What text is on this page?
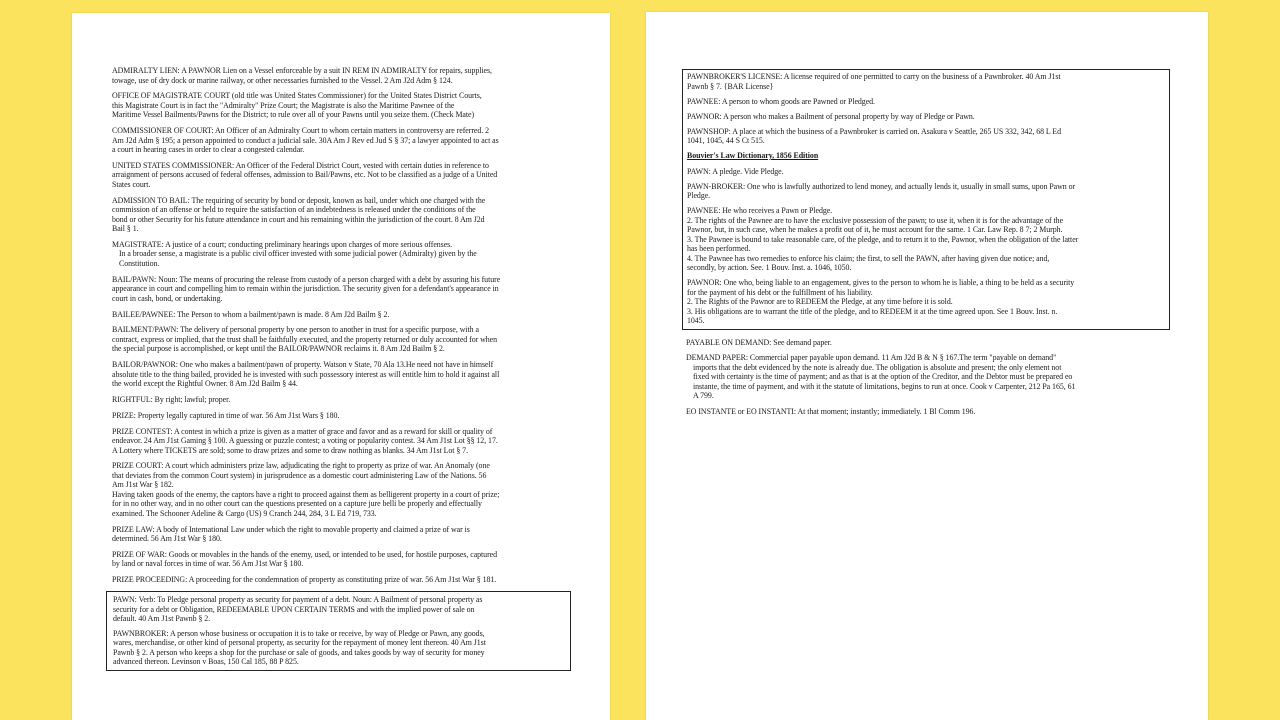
ADMIRALTY LIEN: A PAWNOR Lien on a Vessel enforceable by a suit IN REM IN ADMIRALTY for repairs, supplies,
towage, use of dry dock or marine railway, or other necessaries furnished to the Vessel. 2 Am J2d Adm § 124.
OFFICE OF MAGISTRATE COURT (old title was United States Commissioner) for the United States District Courts,
this Magistrate Court is in fact the "Admiralty" Prize Court; the Magistrate is also the Maritime Pawnee of the
Maritime Vessel Bailments/Pawns for the District; to rule over all of your Pawns until you seize them. (Check Mate)
COMMISSIONER OF COURT: An Officer of an Admiralty Court to whom certain matters in controversy are referred. 2
Am J2d Adm § 195; a person appointed to conduct a judicial sale. 30A Am J Rev ed Jud S § 37; a lawyer appointed to act as
a court in hearing cases in order to clear a congested calendar.
UNITED STATES COMMISSIONER: An Officer of the Federal District Court, vested with certain duties in reference to
arraignment of persons accused of federal offenses, admission to Bail/Pawns, etc. Not to be classified as a judge of a United
States court.
ADMISSION TO BAIL: The requiring of security by bond or deposit, known as bail, under which one charged with the
commission of an offense or held to require the satisfaction of an indebtedness is released under the conditions of the
bond or other Security for his future attendance in court and his remaining within the jurisdiction of the court. 8 Am J2d
Bail § 1.
MAGISTRATE: A justice of a court; conducting preliminary hearings upon charges of more serious offenses.
In a broader sense, a magistrate is a public civil officer invested with some judicial power (Admiralty) given by the
Constitution.
BAIL/PAWN: Noun: The means of procuring the release from custody of a person charged with a debt by assuring his future
appearance in court and compelling him to remain within the jurisdiction. The security given for a defendant's appearance in
court in cash, bond, or undertaking.
BAILEE/PAWNEE: The Person to whom a bailment/pawn is made. 8 Am J2d Bailm § 2.
BAILMENT/PAWN: The delivery of personal property by one person to another in trust for a specific purpose, with a
contract, express or implied, that the trust shall be faithfully executed, and the property returned or duly accounted for when
the special purpose is accomplished, or kept until the BAILOR/PAWNOR reclaims it. 8 Am J2d Bailm § 2.
BAILOR/PAWNOR: One who makes a bailment/pawn of property. Watson v State, 70 Ala 13.He need not have in himself
absolute title to the thing bailed, provided he is invested with such possessory interest as will entitle him to hold it against all
the world except the Rightful Owner. 8 Am J2d Bailm § 44.
RIGHTFUL: By right; lawful; proper.
PRIZE: Property legally captured in time of war. 56 Am J1st Wars § 180.
PRIZE CONTEST: A contest in which a prize is given as a matter of grace and favor and as a reward for skill or quality of
endeavor. 24 Am J1st Gaming § 100. A guessing or puzzle contest; a voting or popularity contest. 34 Am J1st Lot §§ 12, 17.
A Lottery where TICKETS are sold; some to draw prizes and some to draw nothing as blanks. 34 Am J1st Lot § 7.
PRIZE COURT: A court which administers prize law, adjudicating the right to property as prize of war. An Anomaly (one
that deviates from the common Court system) in jurisprudence as a domestic court administering Law of the Nations. 56
Am J1st War § 182.
Having taken goods of the enemy, the captors have a right to proceed against them as belligerent property in a court of prize;
for in no other way, and in no other court can the questions presented on a capture jure belli be properly and effectually
examined. The Schooner Adeline & Cargo (US) 9 Cranch 244, 284, 3 L Ed 719, 733.
PRIZE LAW: A body of International Law under which the right to movable property and claimed a prize of war is
determined. 56 Am J1st War § 180.
PRIZE OF WAR: Goods or movables in the hands of the enemy, used, or intended to be used, for hostile purposes, captured
by land or naval forces in time of war. 56 Am J1st War § 180.
PRIZE PROCEEDING: A proceeding for the condemnation of property as constituting prize of war. 56 Am J1st War § 181.
PAWN: Verb: To Pledge personal property as security for payment of a debt. Noun: A Bailment of personal property as
security for a debt or Obligation, REDEEMABLE UPON CERTAIN TERMS and with the implied power of sale on
default. 40 Am J1st Pawnb § 2.
PAWNBROKER: A person whose business or occupation it is to take or receive, by way of Pledge or Pawn, any goods,
wares, merchandise, or other kind of personal property, as security for the repayment of money lent thereon. 40 Am J1st
Pawnb § 2. A person who keeps a shop for the purchase or sale of goods, and takes goods by way of security for money
advanced thereon. Levinson v Boas, 150 Cal 185, 88 P 825.
PAWNBROKER'S LICENSE: A license required of one permitted to carry on the business of a Pawnbroker. 40 Am J1st
Pawnb § 7. {BAR License}
PAWNEE: A person to whom goods are Pawned or Pledged.
PAWNOR: A person who makes a Bailment of personal property by way of Pledge or Pawn.
PAWNSHOP: A place at which the business of a Pawnbroker is carried on. Asakura v Seattle, 265 US 332, 342, 68 L Ed
1041, 1045, 44 S Ct 515.
Bouvier's Law Dictionary, 1856 Edition
PAWN: A pledge. Vide Pledge.
PAWN-BROKER: One who is lawfully authorized to lend money, and actually lends it, usually in small sums, upon Pawn or
Pledge.
PAWNEE: He who receives a Pawn or Pledge.
2. The rights of the Pawnee are to have the exclusive possession of the pawn; to use it, when it is for the advantage of the
Pawnor, but, in such case, when he makes a profit out of it, he must account for the same. 1 Car. Law Rep. 8 7; 2 Murph.
3. The Pawnee is bound to take reasonable care, of the pledge, and to return it to the, Pawnor, when the obligation of the latter
has been performed.
4. The Pawnee has two remedies to enforce his claim; the first, to sell the PAWN, after having given due notice; and,
secondly, by action. See. 1 Bouv. Inst. a. 1046, 1050.
PAWNOR: One who, being liable to an engagement, gives to the person to whom he is liable, a thing to be held as a security
for the payment of his debt or the fulfillment of his liability.
2. The Rights of the Pawnor are to REDEEM the Pledge, at any time before it is sold.
3. His obligations are to warrant the title of the pledge, and to REDEEM it at the time agreed upon. See 1 Bouv. Inst. n.
1045.
PAYABLE ON DEMAND: See demand paper.
DEMAND PAPER: Commercial paper payable upon demand. 11 Am J2d B & N § 167.The term "payable on demand"
imports that the debt evidenced by the note is already due. The obligation is absolute and present; the only element not
fixed with certainty is the time of payment; and as that is at the option of the Creditor, and the Debtor must be prepared eo
instante, the time of payment, and with it the statute of limitations, begins to run at once. Cook v Carpenter, 212 Pa 165, 61
A 799.
EO INSTANTE or EO INSTANTI: At that moment; instantly; immediately. 1 Bl Comm 196.
